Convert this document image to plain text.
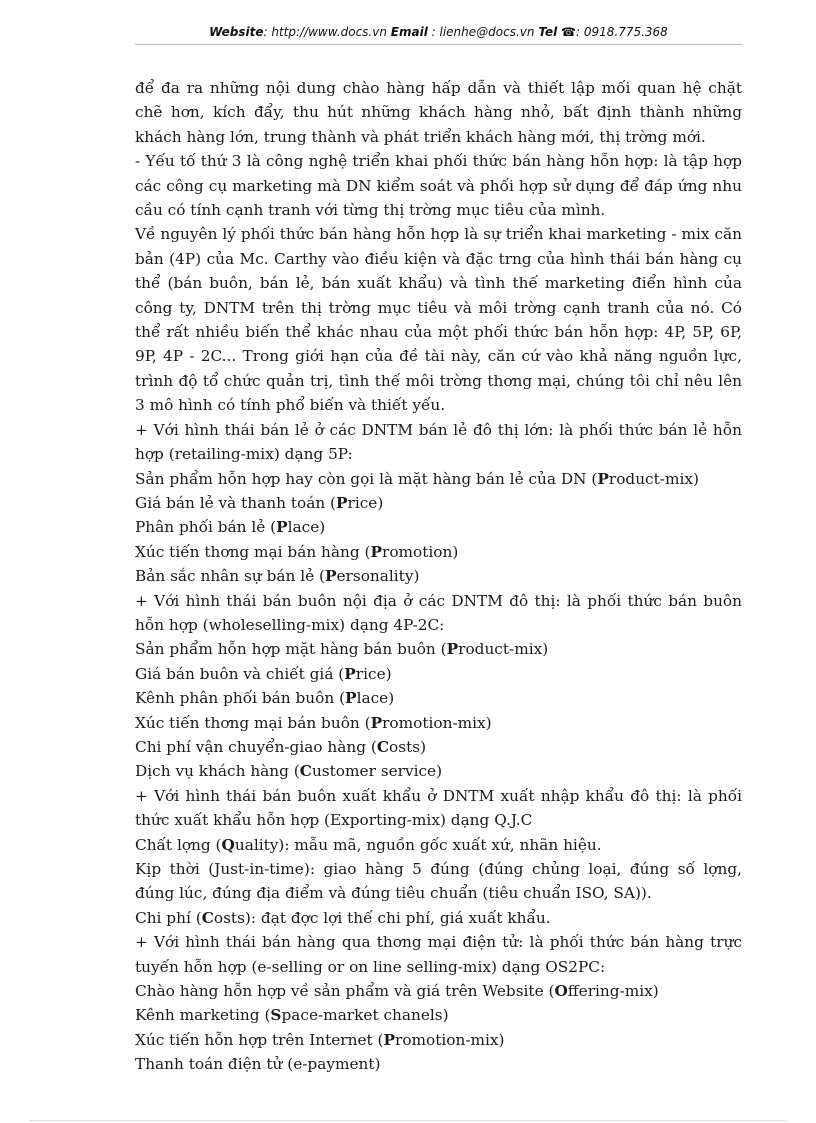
Website: http://www.docs.vn Email : lienhe@docs.vn Tel ☎: 0918.775.368

để đa ra những nội dung chào hàng hấp dẫn và thiết lập mối quan hệ chặt chẽ hơn, kích đẩy, thu hút những khách hàng nhỏ, bất định thành những khách hàng lớn, trung thành và phát triển khách hàng mới, thị trờng mới.

- Yếu tố thứ 3 là công nghệ triển khai phối thức bán hàng hỗn hợp: là tập hợp các công cụ marketing mà DN kiểm soát và phối hợp sử dụng để đáp ứng nhu cầu có tính cạnh tranh với từng thị trờng mục tiêu của mình.

Về nguyên lý phối thức bán hàng hỗn hợp là sự triển khai marketing - mix căn bản (4P) của Mc. Carthy vào điều kiện và đặc trng của hình thái bán hàng cụ thể (bán buôn, bán lẻ, bán xuất khẩu) và tình thế marketing điển hình của công ty, DNTM trên thị trờng mục tiêu và môi trờng cạnh tranh của nó. Có thể rất nhiều biến thể khác nhau của một phối thức bán hỗn hợp: 4P, 5P, 6P, 9P, 4P - 2C... Trong giới hạn của đề tài này, căn cứ vào khả năng nguồn lực, trình độ tổ chức quản trị, tình thế môi trờng thơng mại, chúng tôi chỉ nêu lên 3 mô hình có tính phổ biến và thiết yếu.

+ Với hình thái bán lẻ ở các DNTM bán lẻ đô thị lớn: là phối thức bán lẻ hỗn hợp (retailing-mix) dạng 5P:

Sản phẩm hỗn hợp hay còn gọi là mặt hàng bán lẻ của DN (Product-mix)

Giá bán lẻ và thanh toán (Price)

Phân phối bán lẻ (Place)

Xúc tiến thơng mại bán hàng (Promotion)

Bản sắc nhân sự bán lẻ (Personality)

+ Với hình thái bán buôn nội địa ở các DNTM đô thị: là phối thức bán buôn hỗn hợp (wholeselling-mix) dạng 4P-2C:

Sản phẩm hỗn hợp mặt hàng bán buôn (Product-mix)

Giá bán buôn và chiết giá (Price)

Kênh phân phối bán buôn (Place)

Xúc tiến thơng mại bán buôn (Promotion-mix)

Chi phí vận chuyển-giao hàng (Costs)

Dịch vụ khách hàng (Customer service)

+ Với hình thái bán buôn xuất khẩu ở DNTM xuất nhập khẩu đô thị: là phối thức xuất khẩu hỗn hợp (Exporting-mix) dạng Q.J.C

Chất lợng (Quality): mẫu mã, nguồn gốc xuất xứ, nhãn hiệu.

Kịp thời (Just-in-time): giao hàng 5 đúng (đúng chủng loại, đúng số lợng, đúng lúc, đúng địa điểm và đúng tiêu chuẩn (tiêu chuẩn ISO, SA)).

Chi phí (Costs): đạt đợc lợi thế chi phí, giá xuất khẩu.

+ Với hình thái bán hàng qua thơng mại điện tử: là phối thức bán hàng trực tuyến hỗn hợp (e-selling or on line selling-mix) dạng OS2PC:

Chào hàng hỗn hợp về sản phẩm và giá trên Website (Offering-mix)

Kênh marketing (Space-market chanels)

Xúc tiến hỗn hợp trên Internet (Promotion-mix)

Thanh toán điện tử (e-payment)
